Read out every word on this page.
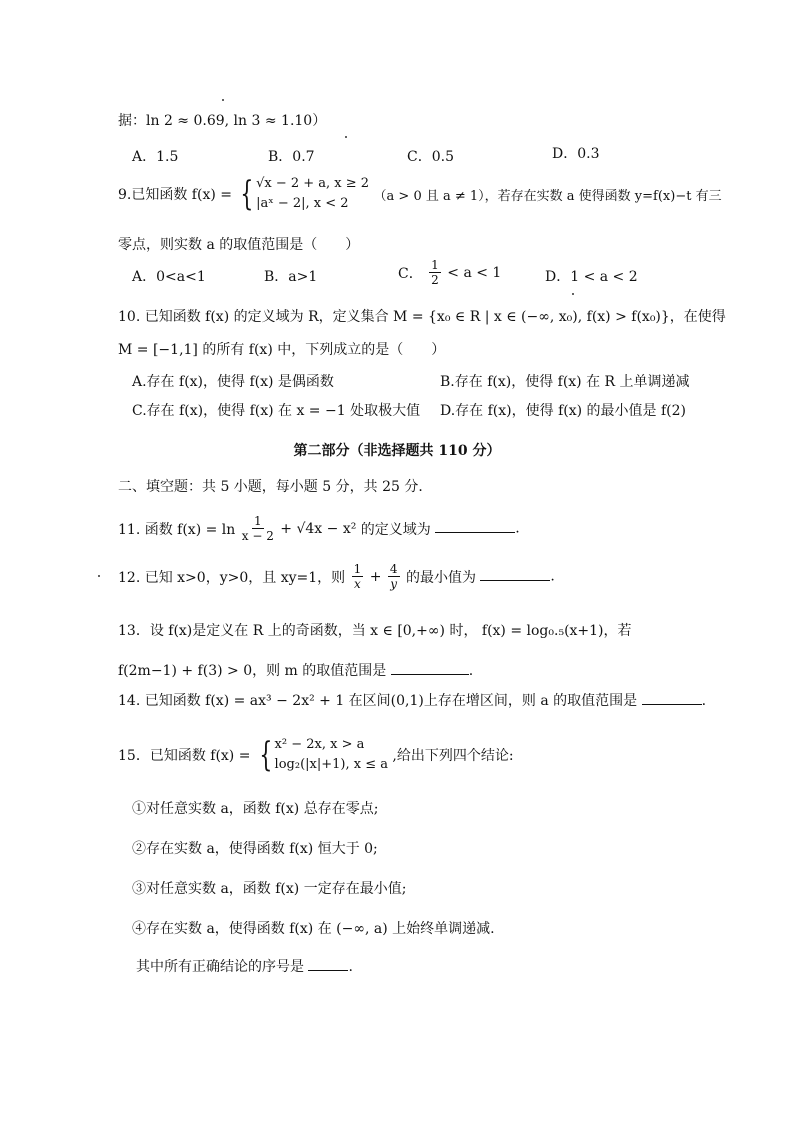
据：ln 2 ≈ 0.69, ln 3 ≈ 1.10）
A．1.5	B．0.7	C．0.5	D．0.3
9.已知函数 f(x) = { √x − 2 + a, x ≥ 2
|aˣ − 2|, x < 2	（a > 0 且 a ≠ 1），若存在实数 a 使得函数 y=f(x)−t 有三
零点，则实数 a 的取值范围是（　　）
A．0<a<1	B．a>1	C． $\frac{1}{2} < a < 1$	D．1 < a < 2
10. 已知函数 f(x) 的定义域为 R，定义集合 M = {x₀ ∈ R | x ∈ (−∞, x₀), f(x) > f(x₀)}，在使得
M = [−1,1] 的所有 f(x) 中，下列成立的是（　　）
A.存在 f(x)，使得 f(x) 是偶函数	B.存在 f(x)，使得 f(x) 在 R 上单调递减
C.存在 f(x)，使得 f(x) 在 x = −1 处取极大值 D.存在 f(x)，使得 f(x) 的最小值是 f(2)
第二部分（非选择题共 110 分）
二、填空题：共 5 小题，每小题 5 分，共 25 分．
11. 函数 $f(x) = \ln \frac{1}{x - 2} + √4x - x^2$ 的定义域为	.
12. 已知 x>0，y>0，且 xy=1，则 $\frac{1}{x} + \frac{4}{y}$ 的最小值为	.
13．设 f(x)是定义在 R 上的奇函数，当 x ∈ [0,+∞) 时， f(x) = log₀.₅(x+1)，若
f(2m−1) + f(3) > 0，则 m 的取值范围是	.
14. 已知函数 f(x) = ax³ − 2x² + 1 在区间(0,1)上存在增区间，则 a 的取值范围是	.
15．已知函数 f(x) = { x² − 2x, x > a
log₂(|x|+1), x ≤ a
,给出下列四个结论:
①对任意实数 a，函数 f(x) 总存在零点;
②存在实数 a，使得函数 f(x) 恒大于 0;
③对任意实数 a，函数 f(x) 一定存在最小值;
④存在实数 a，使得函数 f(x) 在 (−∞, a) 上始终单调递减.
其中所有正确结论的序号是	.
